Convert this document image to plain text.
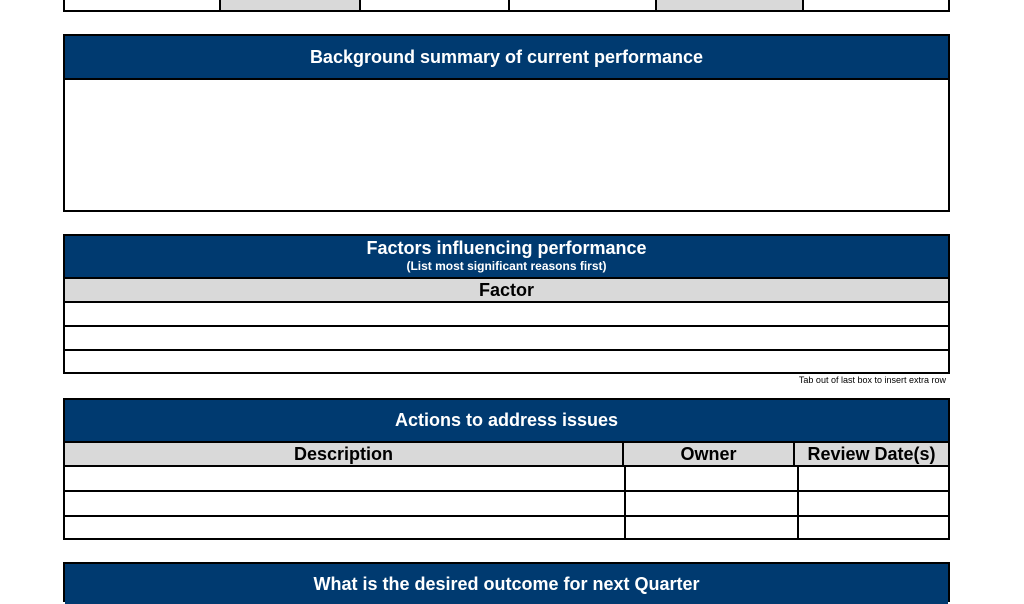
Background summary of current performance
Factors influencing performance
(List most significant reasons first)
Factor
Tab out of last box to insert extra row
Actions to address issues
Description	Owner	Review Date(s)
What is the desired outcome for next Quarter
